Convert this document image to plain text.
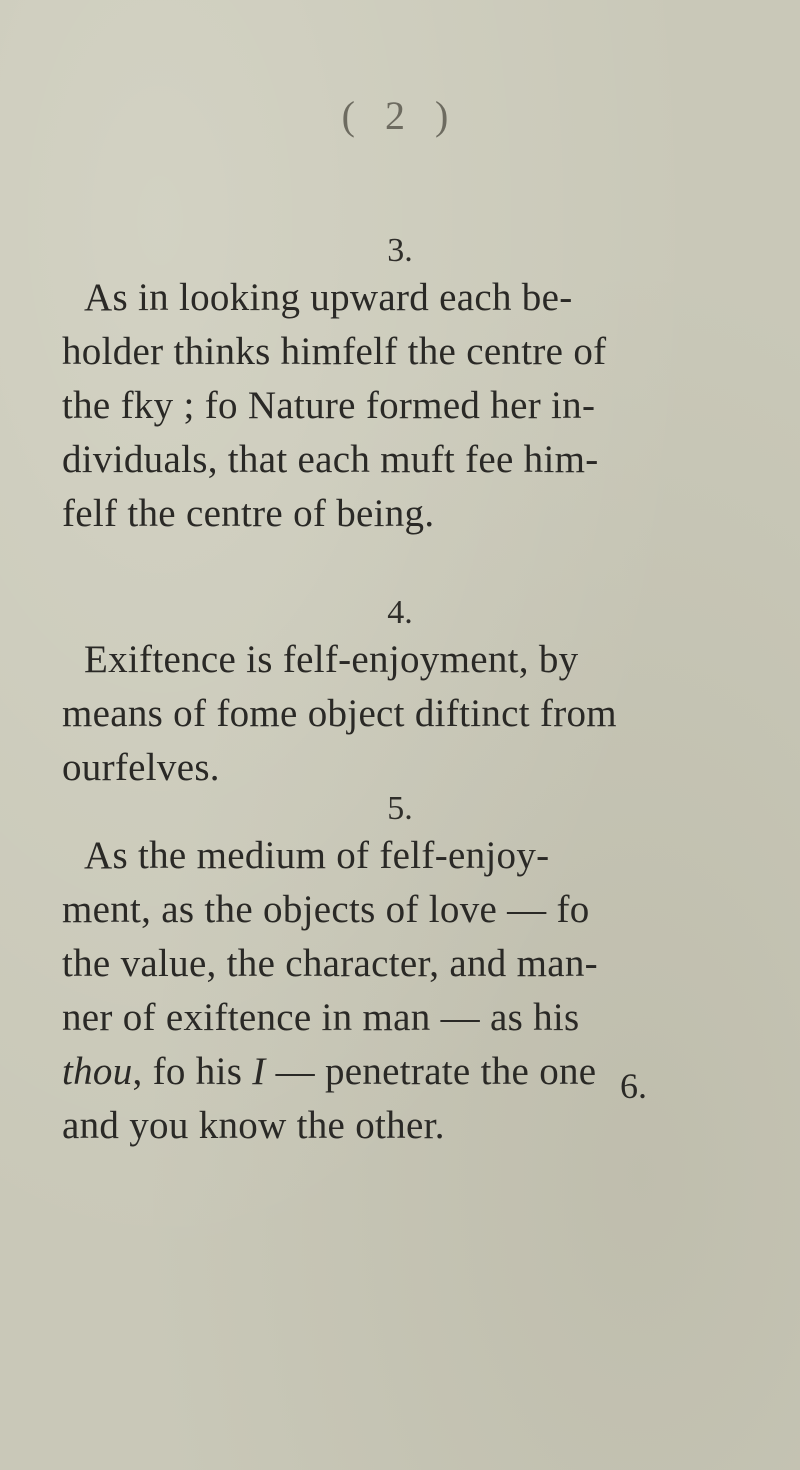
( 2 )
3.
As in looking upward each be-
holder thinks himfelf the centre of
the fky ; fo Nature formed her in-
dividuals, that each muft fee him-
felf the centre of being.
4.
Exiftence is felf-enjoyment, by
means of fome object diftinct from
ourfelves.
5.
As the medium of felf-enjoy-
ment, as the objects of love — fo
the value, the character, and man-
ner of exiftence in man — as his
thou, fo his I — penetrate the one
and you know the other.
6.
